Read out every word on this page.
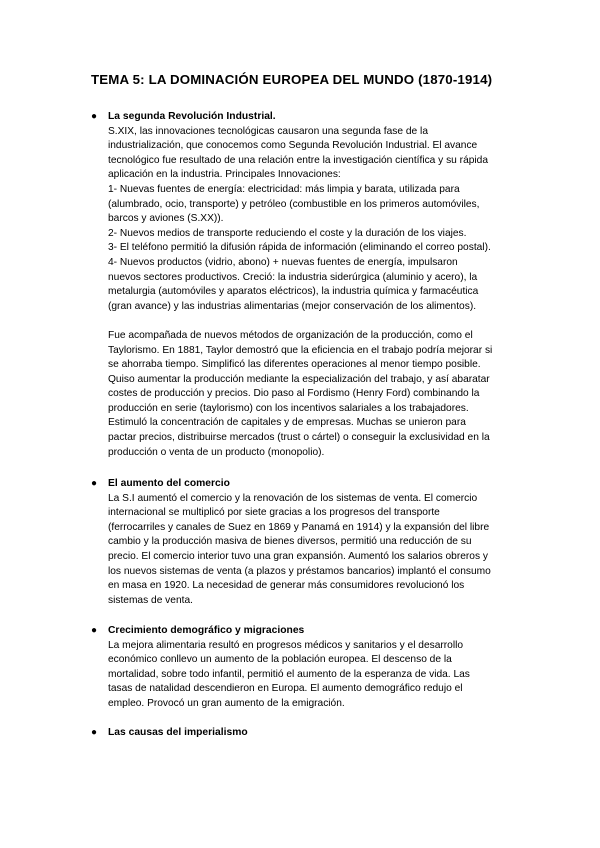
TEMA 5: LA DOMINACIÓN EUROPEA DEL MUNDO (1870-1914)
●	La segunda Revolución Industrial.
S.XIX, las innovaciones tecnológicas causaron una segunda fase de la
industrialización, que conocemos como Segunda Revolución Industrial. El avance
tecnológico fue resultado de una relación entre la investigación científica y su rápida
aplicación en la industria. Principales Innovaciones:
1- Nuevas fuentes de energía: electricidad: más limpia y barata, utilizada para
(alumbrado, ocio, transporte) y petróleo (combustible en los primeros automóviles,
barcos y aviones (S.XX)).
2- Nuevos medios de transporte reduciendo el coste y la duración de los viajes.
3- El teléfono permitió la difusión rápida de información (eliminando el correo postal).
4- Nuevos productos (vidrio, abono) + nuevas fuentes de energía, impulsaron
nuevos sectores productivos. Creció: la industria siderúrgica (aluminio y acero), la
metalurgia (automóviles y aparatos eléctricos), la industria química y farmacéutica
(gran avance) y las industrias alimentarias (mejor conservación de los alimentos).
Fue acompañada de nuevos métodos de organización de la producción, como el
Taylorismo. En 1881, Taylor demostró que la eficiencia en el trabajo podría mejorar si
se ahorraba tiempo. Simplificó las diferentes operaciones al menor tiempo posible.
Quiso aumentar la producción mediante la especialización del trabajo, y así abaratar
costes de producción y precios. Dio paso al Fordismo (Henry Ford) combinando la
producción en serie (taylorismo) con los incentivos salariales a los trabajadores.
Estimuló la concentración de capitales y de empresas. Muchas se unieron para
pactar precios, distribuirse mercados (trust o cártel) o conseguir la exclusividad en la
producción o venta de un producto (monopolio).
●	El aumento del comercio
La S.I aumentó el comercio y la renovación de los sistemas de venta. El comercio
internacional se multiplicó por siete gracias a los progresos del transporte
(ferrocarriles y canales de Suez en 1869 y Panamá en 1914) y la expansión del libre
cambio y la producción masiva de bienes diversos, permitió una reducción de su
precio. El comercio interior tuvo una gran expansión. Aumentó los salarios obreros y
los nuevos sistemas de venta (a plazos y préstamos bancarios) implantó el consumo
en masa en 1920. La necesidad de generar más consumidores revolucionó los
sistemas de venta.
●	Crecimiento demográfico y migraciones
La mejora alimentaria resultó en progresos médicos y sanitarios y el desarrollo
económico conllevo un aumento de la población europea. El descenso de la
mortalidad, sobre todo infantil, permitió el aumento de la esperanza de vida. Las
tasas de natalidad descendieron en Europa. El aumento demográfico redujo el
empleo. Provocó un gran aumento de la emigración.
●	Las causas del imperialismo
